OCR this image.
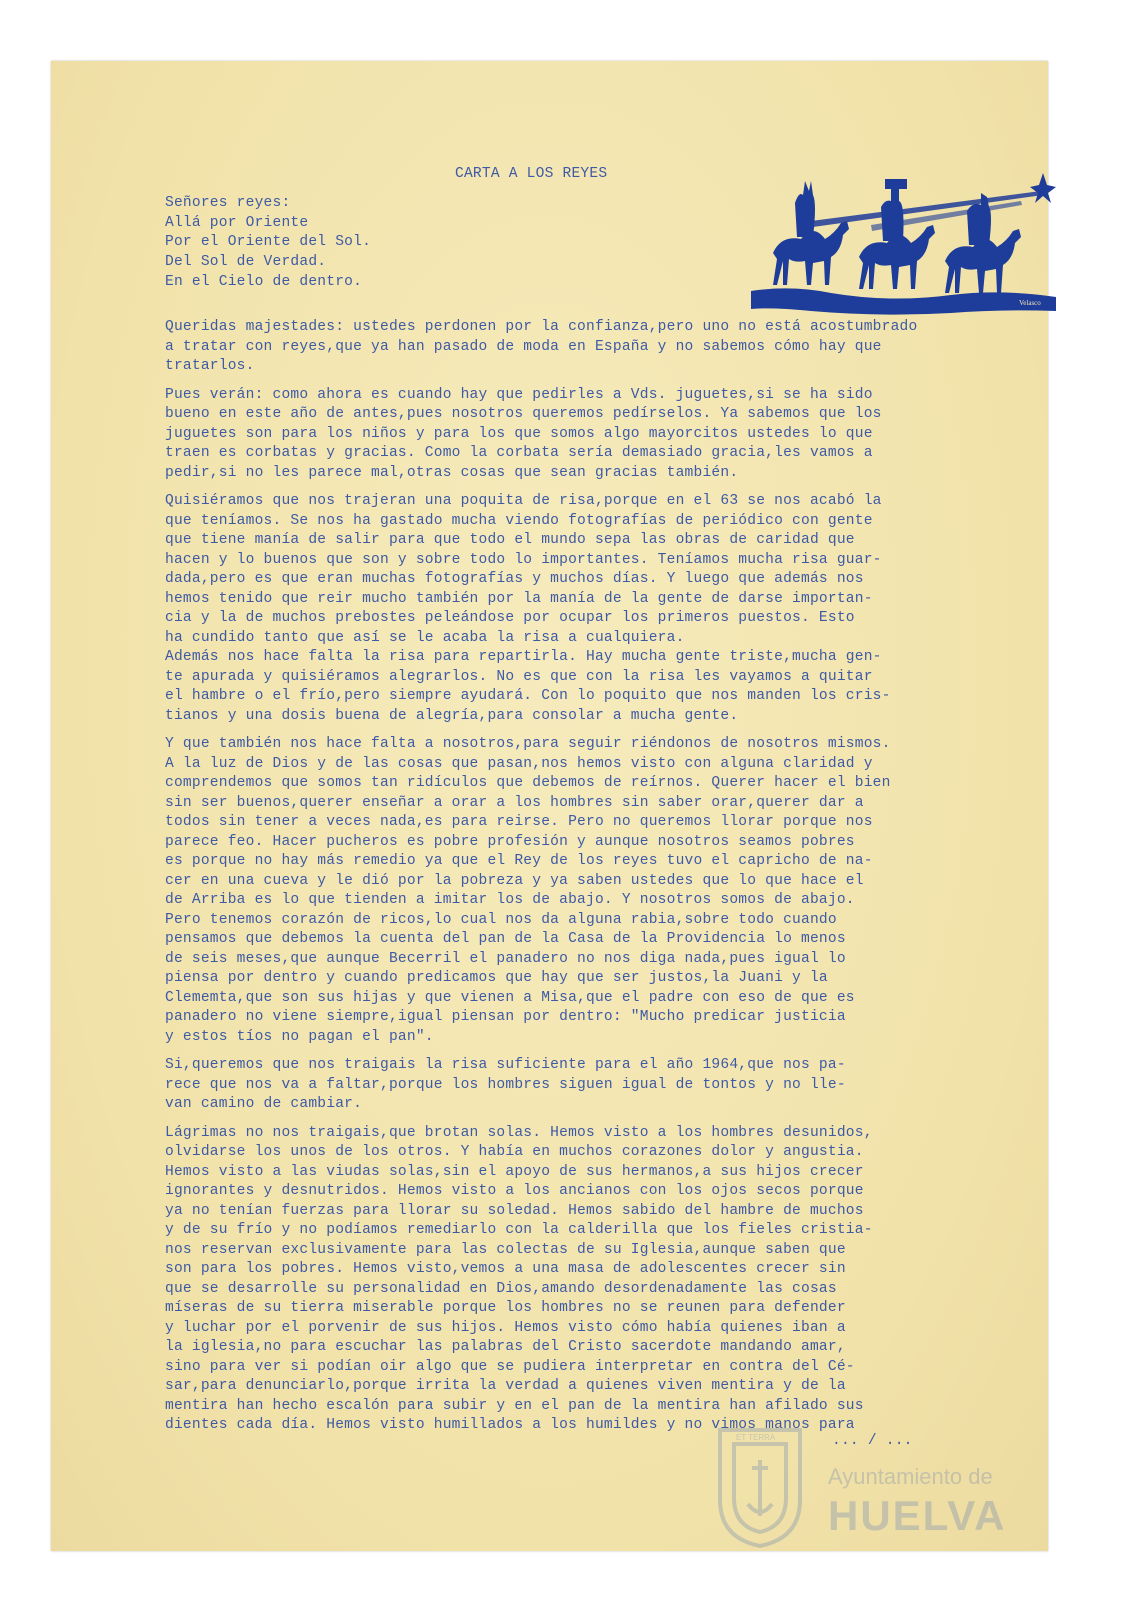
Velasco
CARTA A LOS REYES
Señores reyes:
Allá por Oriente
Por el Oriente del Sol.
Del Sol de Verdad.
En el Cielo de dentro.
Queridas majestades: ustedes perdonen por la confianza,pero uno no está acostumbrado
a tratar con reyes,que ya han pasado de moda en España y no sabemos cómo hay que
tratarlos.
Pues verán: como ahora es cuando hay que pedirles a Vds. juguetes,si se ha sido
bueno en este año de antes,pues nosotros queremos pedírselos. Ya sabemos que los
juguetes son para los niños y para los que somos algo mayorcitos ustedes lo que
traen es corbatas y gracias. Como la corbata sería demasiado gracia,les vamos a
pedir,si no les parece mal,otras cosas que sean gracias también.
Quisiéramos que nos trajeran una poquita de risa,porque en el 63 se nos acabó la
que teníamos. Se nos ha gastado mucha viendo fotografías de periódico con gente
que tiene manía de salir para que todo el mundo sepa las obras de caridad que
hacen y lo buenos que son y sobre todo lo importantes. Teníamos mucha risa guar-
dada,pero es que eran muchas fotografías y muchos días. Y luego que además nos
hemos tenido que reir mucho también por la manía de la gente de darse importan-
cia y la de muchos prebostes peleándose por ocupar los primeros puestos. Esto
ha cundido tanto que así se le acaba la risa a cualquiera.
Además nos hace falta la risa para repartirla. Hay mucha gente triste,mucha gen-
te apurada y quisiéramos alegrarlos. No es que con la risa les vayamos a quitar
el hambre o el frío,pero siempre ayudará. Con lo poquito que nos manden los cris-
tianos y una dosis buena de alegría,para consolar a mucha gente.
Y que también nos hace falta a nosotros,para seguir riéndonos de nosotros mismos.
A la luz de Dios y de las cosas que pasan,nos hemos visto con alguna claridad y
comprendemos que somos tan ridículos que debemos de reírnos. Querer hacer el bien
sin ser buenos,querer enseñar a orar a los hombres sin saber orar,querer dar a
todos sin tener a veces nada,es para reirse. Pero no queremos llorar porque nos
parece feo. Hacer pucheros es pobre profesión y aunque nosotros seamos pobres
es porque no hay más remedio ya que el Rey de los reyes tuvo el capricho de na-
cer en una cueva y le dió por la pobreza y ya saben ustedes que lo que hace el
de Arriba es lo que tienden a imitar los de abajo. Y nosotros somos de abajo.
Pero tenemos corazón de ricos,lo cual nos da alguna rabia,sobre todo cuando
pensamos que debemos la cuenta del pan de la Casa de la Providencia lo menos
de seis meses,que aunque Becerril el panadero no nos diga nada,pues igual lo
piensa por dentro y cuando predicamos que hay que ser justos,la Juani y la
Clememta,que son sus hijas y que vienen a Misa,que el padre con eso de que es
panadero no viene siempre,igual piensan por dentro: "Mucho predicar justicia
y estos tíos no pagan el pan".
Si,queremos que nos traigais la risa suficiente para el año 1964,que nos pa-
rece que nos va a faltar,porque los hombres siguen igual de tontos y no lle-
van camino de cambiar.
Lágrimas no nos traigais,que brotan solas. Hemos visto a los hombres desunidos,
olvidarse los unos de los otros. Y había en muchos corazones dolor y angustia.
Hemos visto a las viudas solas,sin el apoyo de sus hermanos,a sus hijos crecer
ignorantes y desnutridos. Hemos visto a los ancianos con los ojos secos porque
ya no tenían fuerzas para llorar su soledad. Hemos sabido del hambre de muchos
y de su frío y no podíamos remediarlo con la calderilla que los fieles cristia-
nos reservan exclusivamente para las colectas de su Iglesia,aunque saben que
son para los pobres. Hemos visto,vemos a una masa de adolescentes crecer sin
que se desarrolle su personalidad en Dios,amando desordenadamente las cosas
míseras de su tierra miserable porque los hombres no se reunen para defender
y luchar por el porvenir de sus hijos. Hemos visto cómo había quienes iban a
la iglesia,no para escuchar las palabras del Cristo sacerdote mandando amar,
sino para ver si podían oir algo que se pudiera interpretar en contra del Cé-
sar,para denunciarlo,porque irrita la verdad a quienes viven mentira y de la
mentira han hecho escalón para subir y en el pan de la mentira han afilado sus
dientes cada día. Hemos visto humillados a los humildes y no vimos manos para
... / ...
ET TERRA
Ayuntamiento de
HUELVA
